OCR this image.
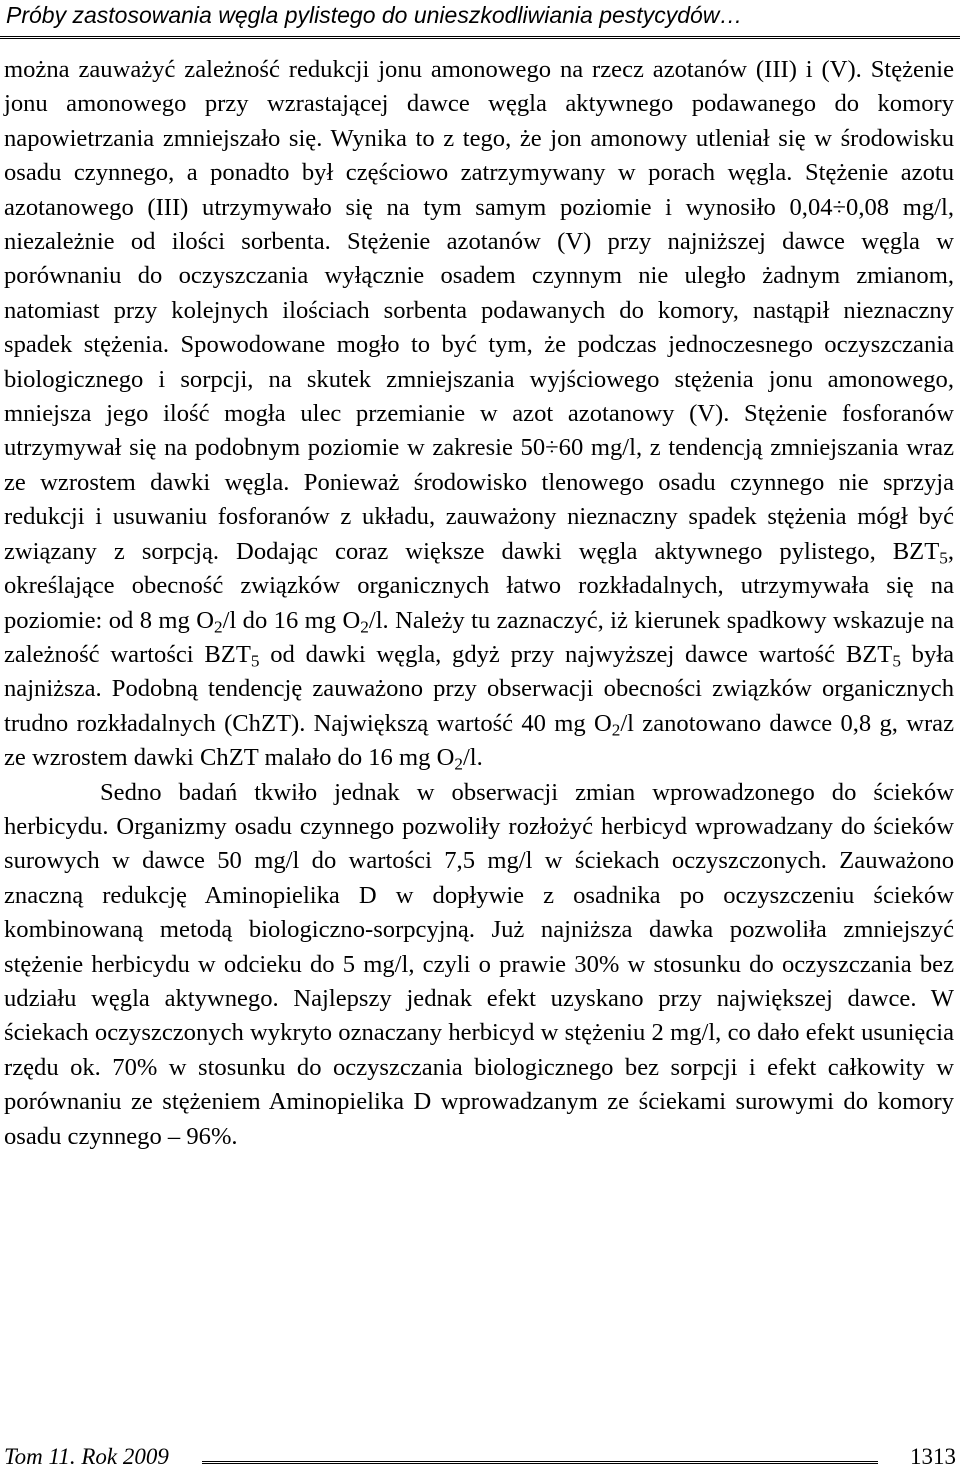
Próby zastosowania węgla pylistego do unieszkodliwiania pestycydów…

można zauważyć zależność redukcji jonu amonowego na rzecz azotanów (III) i (V). Stężenie jonu amonowego przy wzrastającej dawce węgla aktywnego podawanego do komory napowietrzania zmniejszało się. Wynika to z tego, że jon amonowy utleniał się w środowisku osadu czynnego, a ponadto był częściowo zatrzymywany w porach węgla. Stężenie azotu azotanowego (III) utrzymywało się na tym samym poziomie i wynosiło 0,04÷0,08 mg/l, niezależnie od ilości sorbenta. Stężenie azotanów (V) przy najniższej dawce węgla w porównaniu do oczyszczania wyłącznie osadem czynnym nie uległo żadnym zmianom, natomiast przy kolejnych ilościach sorbenta podawanych do komory, nastąpił nieznaczny spadek stężenia. Spowodowane mogło to być tym, że podczas jednoczesnego oczyszczania biologicznego i sorpcji, na skutek zmniejszania wyjściowego stężenia jonu amonowego, mniejsza jego ilość mogła ulec przemianie w azot azotanowy (V). Stężenie fosforanów utrzymywał się na podobnym poziomie w zakresie 50÷60 mg/l, z tendencją zmniejszania wraz ze wzrostem dawki węgla. Ponieważ środowisko tlenowego osadu czynnego nie sprzyja redukcji i usuwaniu fosforanów z układu, zauważony nieznaczny spadek stężenia mógł być związany z sorpcją. Dodając coraz większe dawki węgla aktywnego pylistego, $BZT_5$, określające obecność związków organicznych łatwo rozkładalnych, utrzymywała się na poziomie: od 8 mg $O_2/l$ do 16 mg $O_2/l$. Należy tu zaznaczyć, iż kierunek spadkowy wskazuje na zależność wartości $BZT_5$ od dawki węgla, gdyż przy najwyższej dawce wartość $BZT_5$ była najniższa. Podobną tendencję zauważono przy obserwacji obecności związków organicznych trudno rozkładalnych (ChZT). Największą wartość 40 mg $O_2/l$ zanotowano dawce 0,8 g, wraz ze wzrostem dawki ChZT malało do 16 mg $O_2/l$.

Sedno badań tkwiło jednak w obserwacji zmian wprowadzonego do ścieków herbicydu. Organizmy osadu czynnego pozwoliły rozłożyć herbicyd wprowadzany do ścieków surowych w dawce 50 mg/l do wartości 7,5 mg/l w ściekach oczyszczonych. Zauważono znaczną redukcję Aminopielika D w dopływie z osadnika po oczyszczeniu ścieków kombinowaną metodą biologiczno-sorpcyjną. Już najniższa dawka pozwoliła zmniejszyć stężenie herbicydu w odcieku do 5 mg/l, czyli o prawie 30% w stosunku do oczyszczania bez udziału węgla aktywnego. Najlepszy jednak efekt uzyskano przy największej dawce. W ściekach oczyszczonych wykryto oznaczany herbicyd w stężeniu 2 mg/l, co dało efekt usunięcia rzędu ok. 70% w stosunku do oczyszczania biologicznego bez sorpcji i efekt całkowity w porównaniu ze stężeniem Aminopielika D wprowadzanym ze ściekami surowymi do komory osadu czynnego – 96%.

Tom 11. Rok 2009	1313
